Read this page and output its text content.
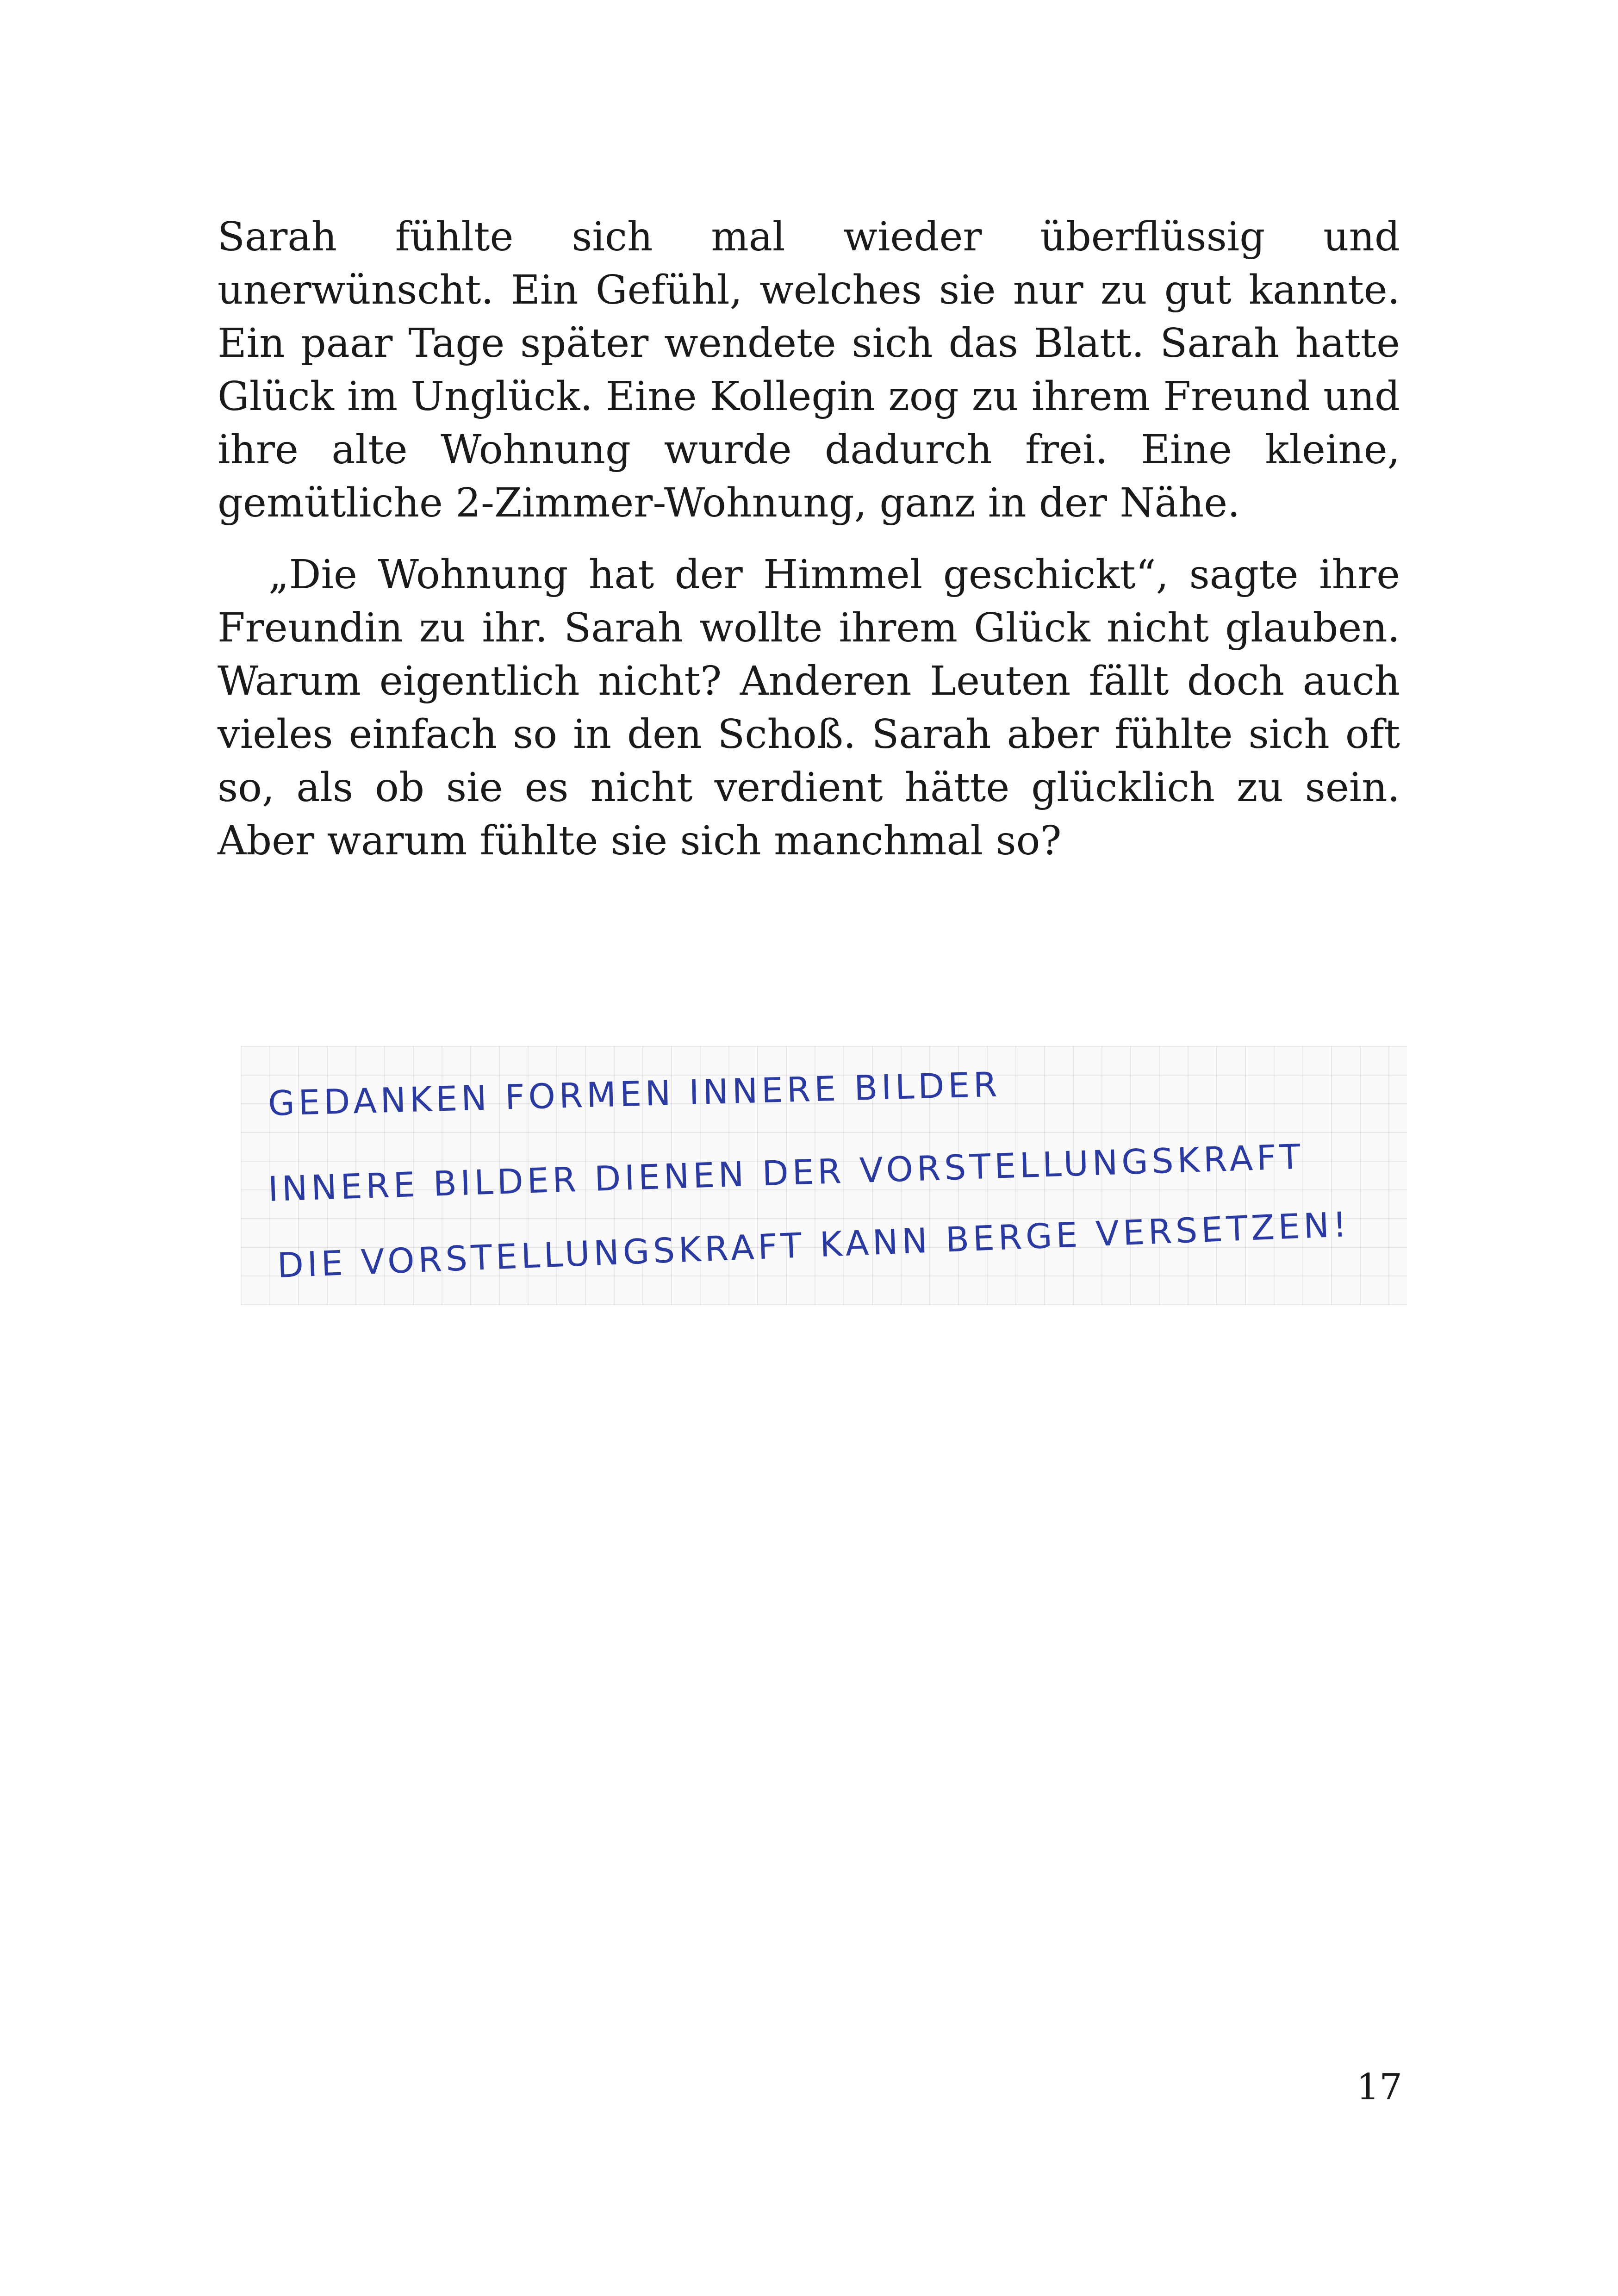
Sarah fühlte sich mal wieder überflüssig und unerwünscht. Ein Gefühl, welches sie nur zu gut kannte. Ein paar Tage später wendete sich das Blatt. Sarah hatte Glück im Unglück. Eine Kollegin zog zu ihrem Freund und ihre alte Wohnung wurde dadurch frei. Eine kleine, gemütliche 2-Zimmer-Wohnung, ganz in der Nähe.

„Die Wohnung hat der Himmel geschickt“, sagte ihre Freundin zu ihr. Sarah wollte ihrem Glück nicht glauben. Warum eigentlich nicht? Anderen Leuten fällt doch auch vieles einfach so in den Schoß. Sarah aber fühlte sich oft so, als ob sie es nicht verdient hätte glücklich zu sein. Aber warum fühlte sie sich manchmal so?

GEDANKEN FORMEN INNERE BILDER
INNERE BILDER DIENEN DER VORSTELLUNGSKRAFT
DIE VORSTELLUNGSKRAFT KANN BERGE VERSETZEN!
17
